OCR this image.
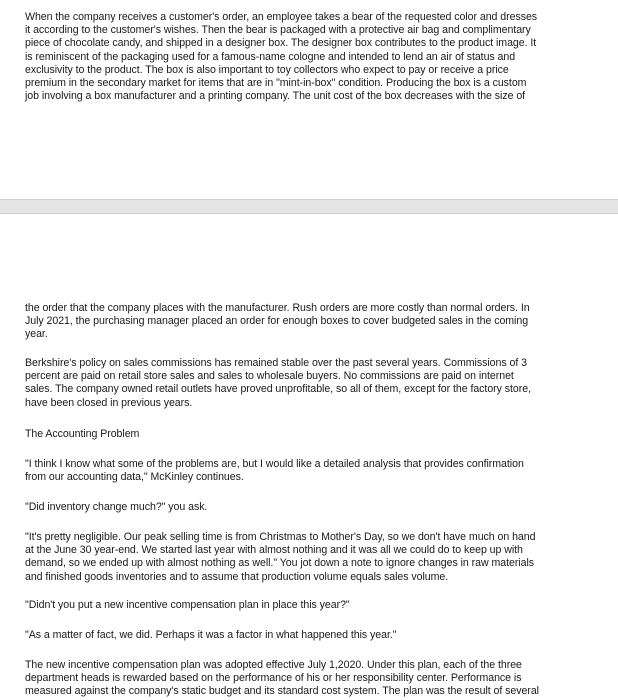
When the company receives a customer's order, an employee takes a bear of the requested color and dresses
it according to the customer's wishes. Then the bear is packaged with a protective air bag and complimentary
piece of chocolate candy, and shipped in a designer box. The designer box contributes to the product image. It
is reminiscent of the packaging used for a famous-name cologne and intended to lend an air of status and
exclusivity to the product. The box is also important to toy collectors who expect to pay or receive a price
premium in the secondary market for items that are in "mint-in-box" condition. Producing the box is a custom
job involving a box manufacturer and a printing company. The unit cost of the box decreases with the size of

the order that the company places with the manufacturer. Rush orders are more costly than normal orders. In
July 2021, the purchasing manager placed an order for enough boxes to cover budgeted sales in the coming
year.

Berkshire's policy on sales commissions has remained stable over the past several years. Commissions of 3
percent are paid on retail store sales and sales to wholesale buyers. No commissions are paid on internet
sales. The company owned retail outlets have proved unprofitable, so all of them, except for the factory store,
have been closed in previous years.

The Accounting Problem

"I think I know what some of the problems are, but I would like a detailed analysis that provides confirmation
from our accounting data," McKinley continues.

"Did inventory change much?" you ask.

"It's pretty negligible. Our peak selling time is from Christmas to Mother's Day, so we don't have much on hand
at the June 30 year-end. We started last year with almost nothing and it was all we could do to keep up with
demand, so we ended up with almost nothing as well." You jot down a note to ignore changes in raw materials
and finished goods inventories and to assume that production volume equals sales volume.

"Didn't you put a new incentive compensation plan in place this year?"

"As a matter of fact, we did. Perhaps it was a factor in what happened this year."

The new incentive compensation plan was adopted effective July 1,2020. Under this plan, each of the three
department heads is rewarded based on the performance of his or her responsibility center. Performance is
measured against the company's static budget and its standard cost system. The plan was the result of several
